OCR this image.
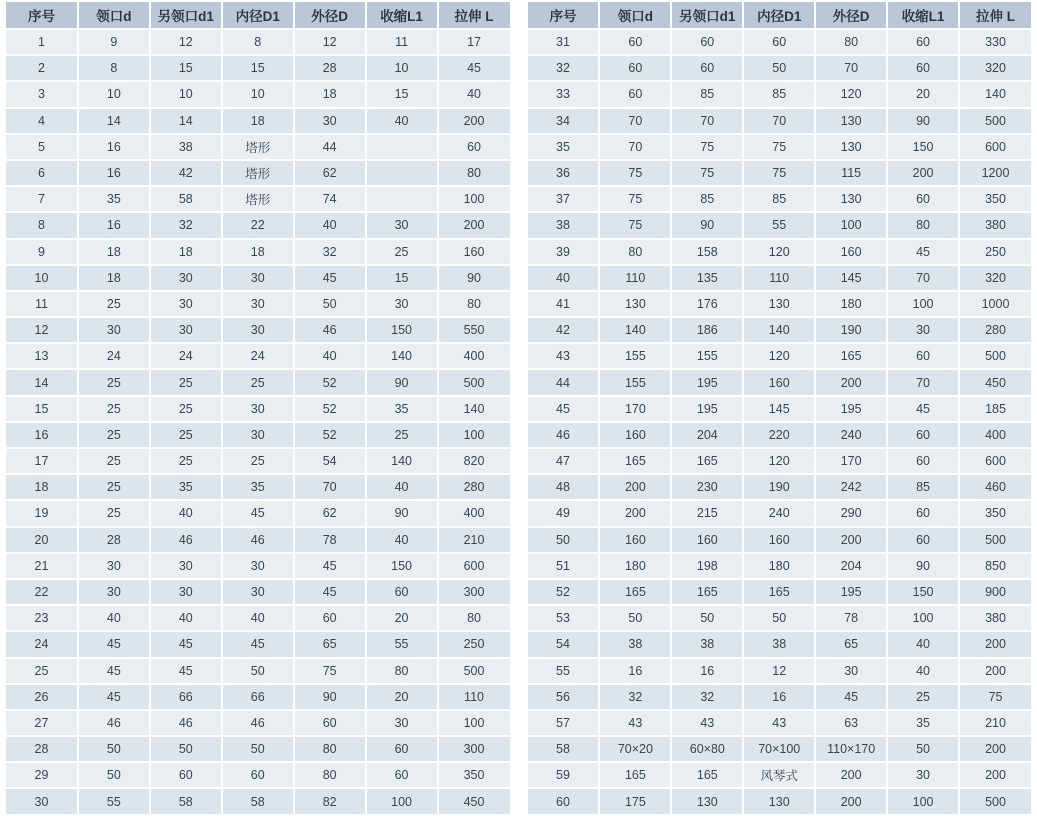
序号	领口d	另领口d1	内径D1	外径D	收缩L1	拉伸 L
1	9	12	8	12	11	17
2	8	15	15	28	10	45
3	10	10	10	18	15	40
4	14	14	18	30	40	200
5	16	38	塔形	44		60
6	16	42	塔形	62		80
7	35	58	塔形	74		100
8	16	32	22	40	30	200
9	18	18	18	32	25	160
10	18	30	30	45	15	90
11	25	30	30	50	30	80
12	30	30	30	46	150	550
13	24	24	24	40	140	400
14	25	25	25	52	90	500
15	25	25	30	52	35	140
16	25	25	30	52	25	100
17	25	25	25	54	140	820
18	25	35	35	70	40	280
19	25	40	45	62	90	400
20	28	46	46	78	40	210
21	30	30	30	45	150	600
22	30	30	30	45	60	300
23	40	40	40	60	20	80
24	45	45	45	65	55	250
25	45	45	50	75	80	500
26	45	66	66	90	20	110
27	46	46	46	60	30	100
28	50	50	50	80	60	300
29	50	60	60	80	60	350
30	55	58	58	82	100	450
序号	领口d	另领口d1	内径D1	外径D	收缩L1	拉伸 L
31	60	60	60	80	60	330
32	60	60	50	70	60	320
33	60	85	85	120	20	140
34	70	70	70	130	90	500
35	70	75	75	130	150	600
36	75	75	75	115	200	1200
37	75	85	85	130	60	350
38	75	90	55	100	80	380
39	80	158	120	160	45	250
40	110	135	110	145	70	320
41	130	176	130	180	100	1000
42	140	186	140	190	30	280
43	155	155	120	165	60	500
44	155	195	160	200	70	450
45	170	195	145	195	45	185
46	160	204	220	240	60	400
47	165	165	120	170	60	600
48	200	230	190	242	85	460
49	200	215	240	290	60	350
50	160	160	160	200	60	500
51	180	198	180	204	90	850
52	165	165	165	195	150	900
53	50	50	50	78	100	380
54	38	38	38	65	40	200
55	16	16	12	30	40	200
56	32	32	16	45	25	75
57	43	43	43	63	35	210
58	70×20	60×80	70×100	110×170	50	200
59	165	165	风琴式	200	30	200
60	175	130	130	200	100	500
